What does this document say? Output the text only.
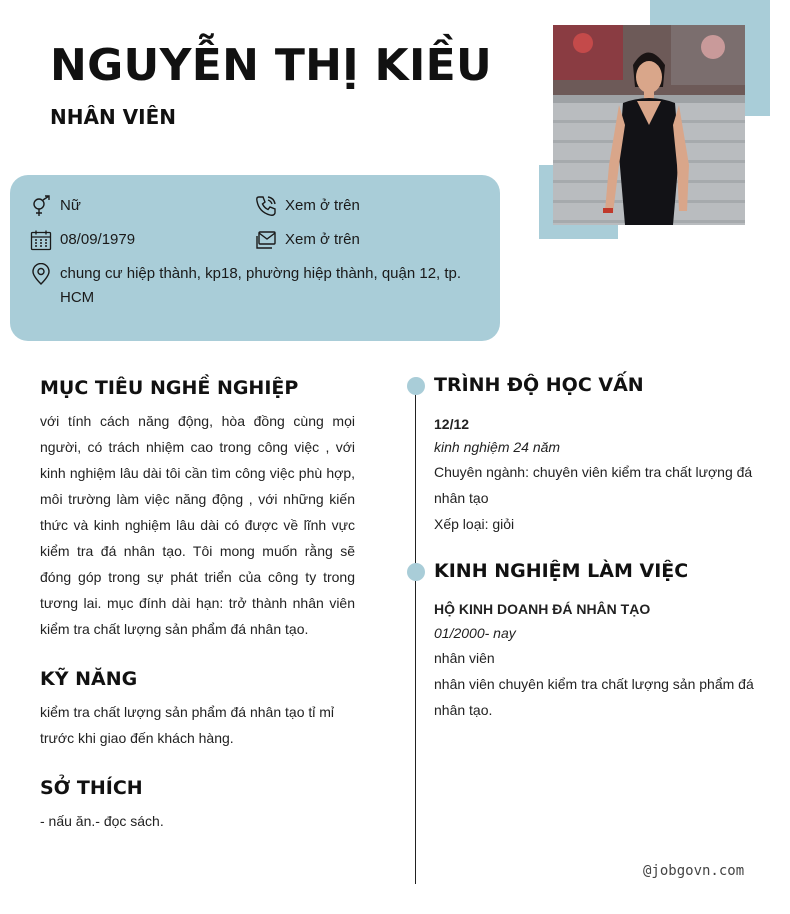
NGUYỄN THỊ KIỀU
NHÂN VIÊN
Nữ	Xem ở trên
08/09/1979	Xem ở trên
chung cư hiệp thành, kp18, phường hiệp thành, quận 12, tp. HCM
MỤC TIÊU NGHỀ NGHIỆP

với tính cách năng động, hòa đồng cùng mọi người, có trách nhiệm cao trong công việc , với kinh nghiệm lâu dài tôi cần tìm công việc phù hợp, môi trường làm việc năng động , với những kiến thức và kinh nghiệm lâu dài có được về lĩnh vực kiểm tra đá nhân tạo. Tôi mong muốn rằng sẽ đóng góp trong sự phát triển của công ty trong tương lai. mục đính dài hạn: trở thành nhân viên kiểm tra chất lượng sản phẩm đá nhân tạo.

KỸ NĂNG

kiểm tra chất lượng sản phẩm đá nhân tạo tỉ mỉ trước khi giao đến khách hàng.

SỞ THÍCH

- nấu ăn.- đọc sách.

TRÌNH ĐỘ HỌC VẤN
12/12
kinh nghiệm 24 năm
Chuyên ngành: chuyên viên kiểm tra chất lượng đá nhân tạo
Xếp loại: giỏi
KINH NGHIỆM LÀM VIỆC
HỘ KINH DOANH ĐÁ NHÂN TẠO
01/2000- nay
nhân viên
nhân viên chuyên kiểm tra chất lượng sản phẩm đá nhân tạo.
@jobgovn.com
